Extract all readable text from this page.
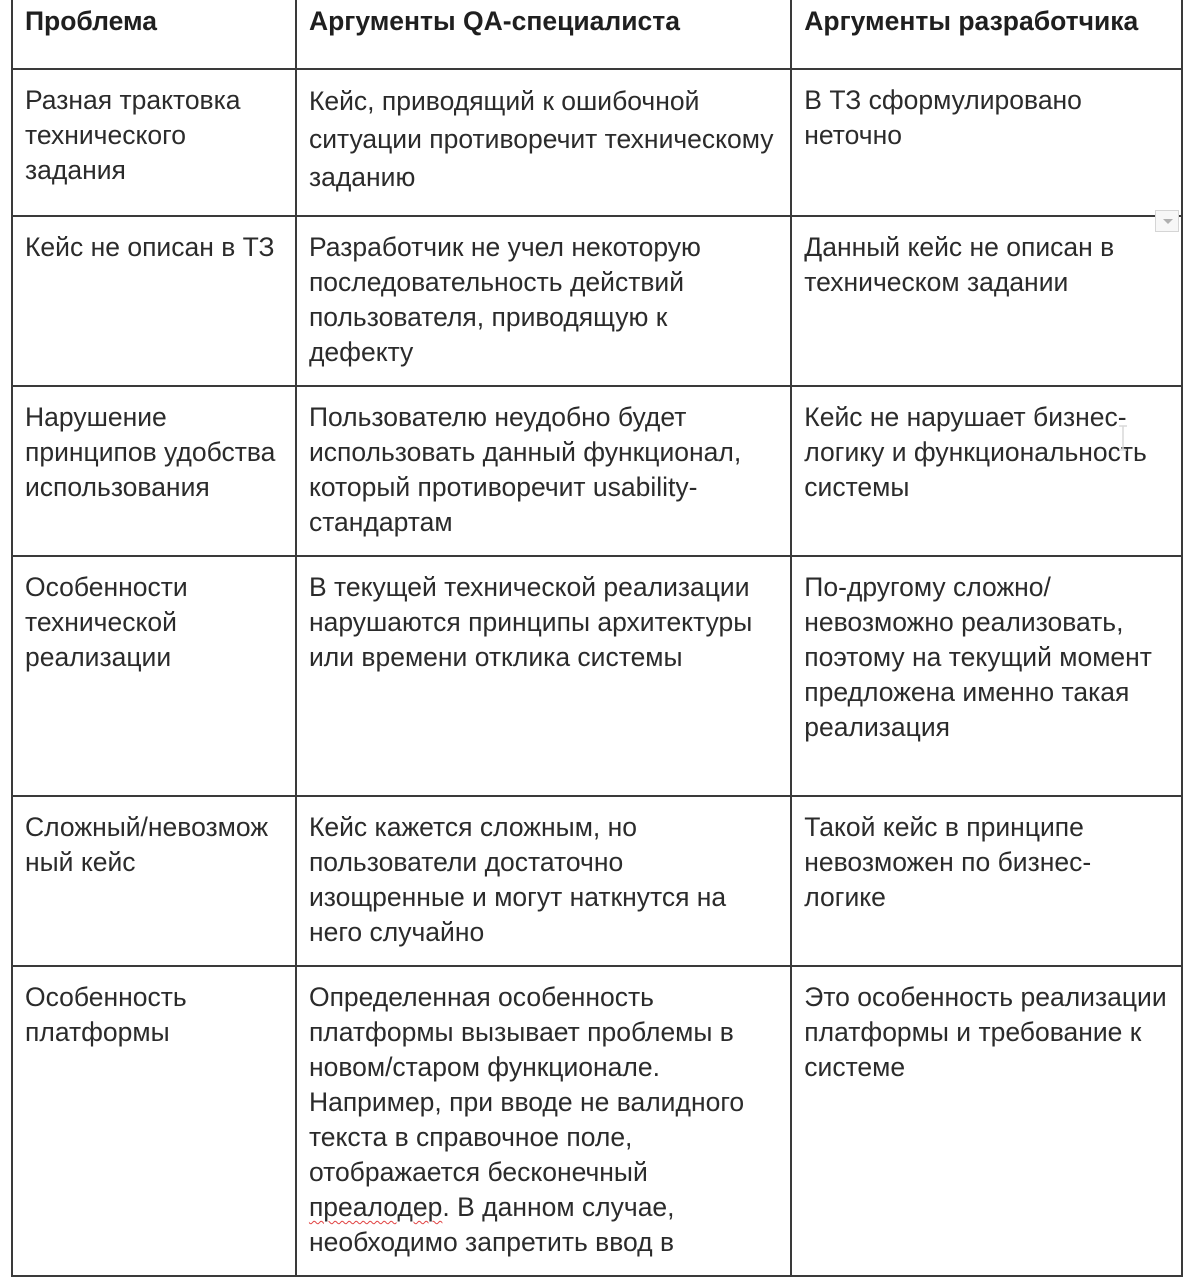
Проблема	Аргументы QA-специалиста	Аргументы разработчика
Разная трактовка технического задания	Кейс, приводящий к ошибочной ситуации противоречит техническому заданию	В ТЗ сформулировано неточно
Кейс не описан в ТЗ	Разработчик не учел некоторую последовательность действий пользователя, приводящую к дефекту	Данный кейс не описан в техническом задании
Нарушение принципов удобства использования	Пользователю неудобно будет использовать данный функционал, который противоречит usability-стандартам	Кейс не нарушает бизнес-логику и функциональность системы
Особенности технической реализации	В текущей технической реализации нарушаются принципы архитектуры или времени отклика системы	По-другому сложно/невозможно реализовать, поэтому на текущий момент предложена именно такая реализация
Сложный/невозмож ный кейс	Кейс кажется сложным, но пользователи достаточно изощренные и могут наткнутся на него случайно	Такой кейс в принципе невозможен по бизнес-логике
Особенность платформы	Определенная особенность платформы вызывает проблемы в новом/старом функционале. Например, при вводе не валидного текста в справочное поле, отображается бесконечный преалодер. В данном случае, необходимо запретить ввод в	Это особенность реализации платформы и требование к системе
